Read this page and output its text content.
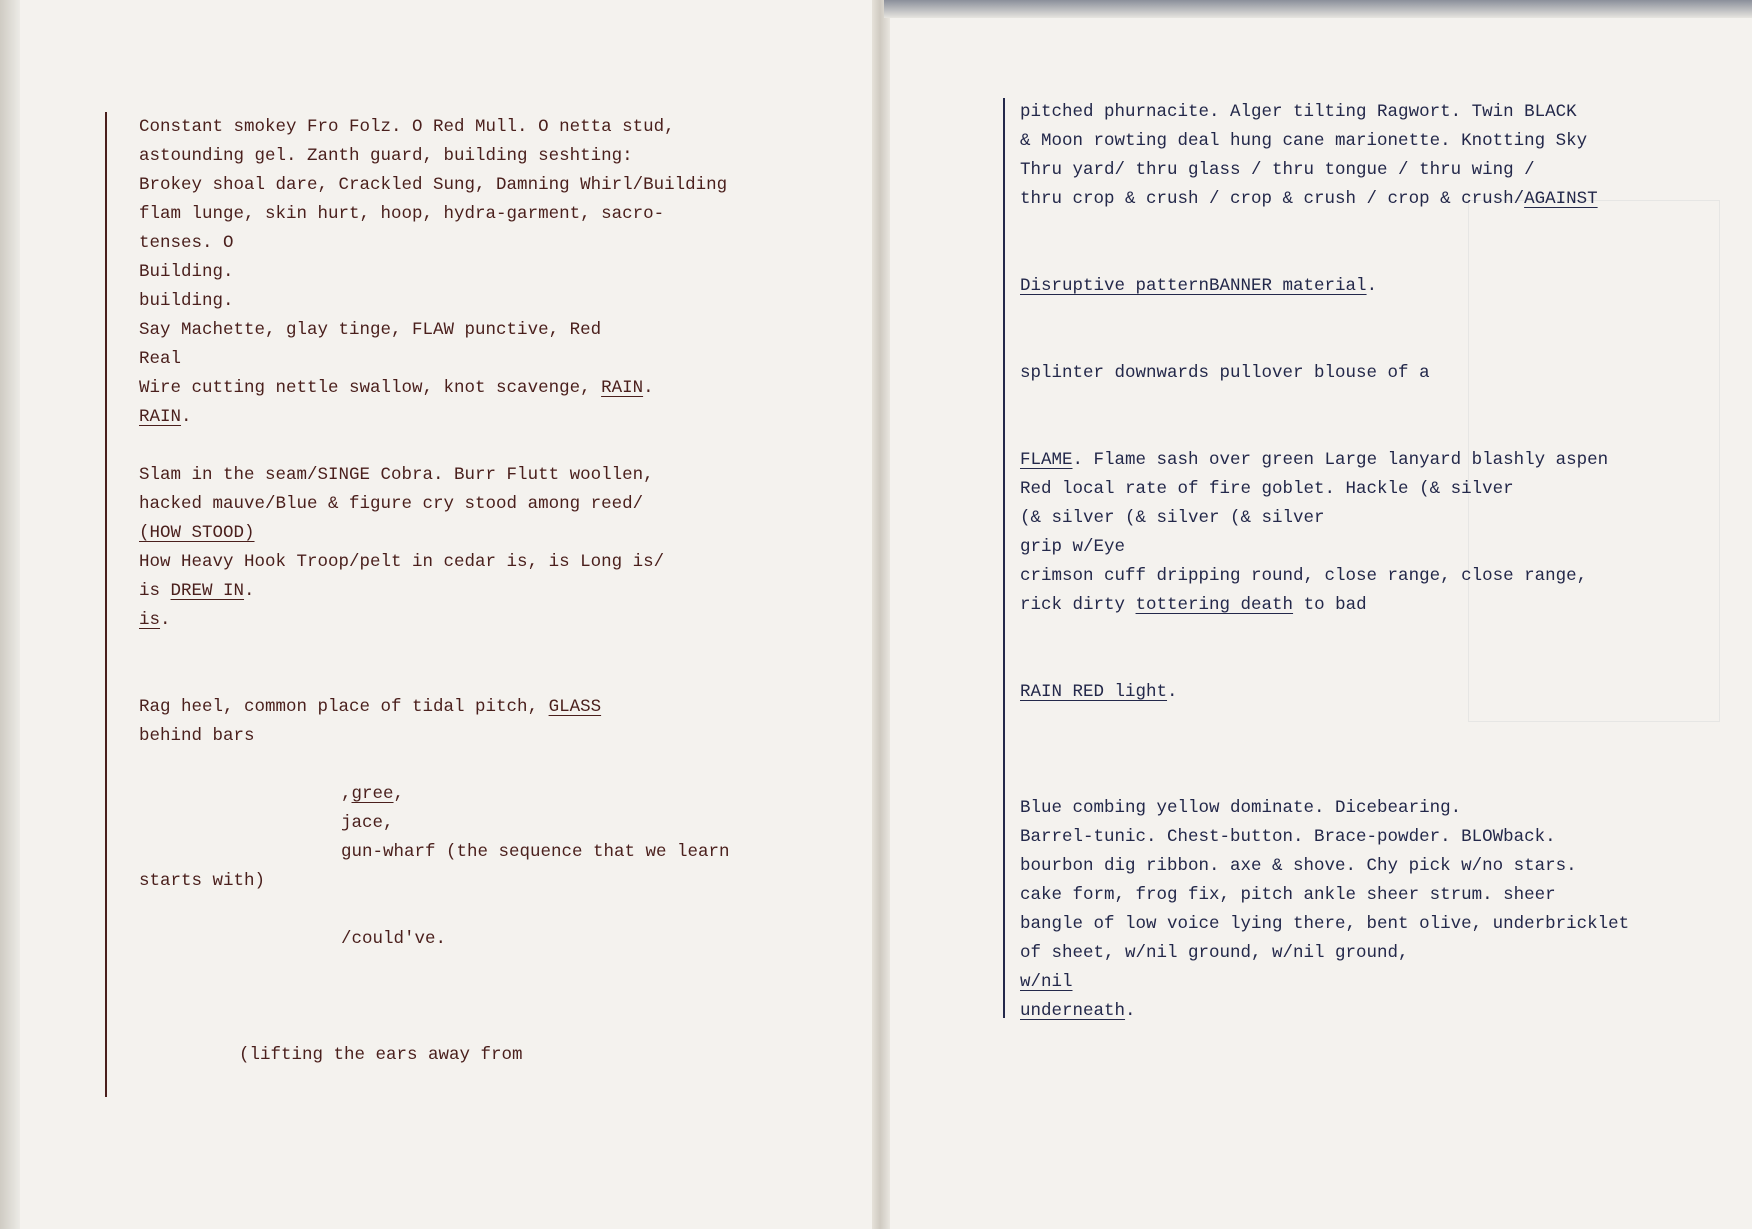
Constant smokey Fro Folz. O Red Mull. O netta stud,
astounding gel. Zanth guard, building seshting:
Brokey shoal dare, Crackled Sung, Damning Whirl/Building
flam lunge, skin hurt, hoop, hydra-garment, sacro-
tenses. O
Building.
building.
Say Machette, glay tinge, FLAW punctive, Red
Real
Wire cutting nettle swallow, knot scavenge, RAIN.
RAIN.
Slam in the seam/SINGE Cobra. Burr Flutt woollen,
hacked mauve/Blue & figure cry stood among reed/
(HOW STOOD)
How Heavy Hook Troop/pelt in cedar is, is Long is/
is DREW IN.
is.
Rag heel, common place of tidal pitch, GLASS
behind bars
,gree,
jace,
gun-wharf (the sequence that we learn
starts with)
/could've.
(lifting the ears away from
pitched phurnacite. Alger tilting Ragwort. Twin BLACK
& Moon rowting deal hung cane marionette. Knotting Sky
Thru yard/ thru glass / thru tongue / thru wing /
thru crop & crush / crop & crush / crop & crush/AGAINST
Disruptive patternBANNER material.
splinter downwards pullover blouse of a
FLAME. Flame sash over green Large lanyard blashly aspen
Red local rate of fire goblet. Hackle (& silver
(& silver (& silver (& silver
grip w/Eye
crimson cuff dripping round, close range, close range,
rick dirty tottering death to bad
RAIN RED light.
Blue combing yellow dominate. Dicebearing.
Barrel-tunic. Chest-button. Brace-powder. BLOWback.
bourbon dig ribbon. axe & shove. Chy pick w/no stars.
cake form, frog fix, pitch ankle sheer strum. sheer
bangle of low voice lying there, bent olive, underbricklet
of sheet, w/nil ground, w/nil ground,
w/nil
underneath.
